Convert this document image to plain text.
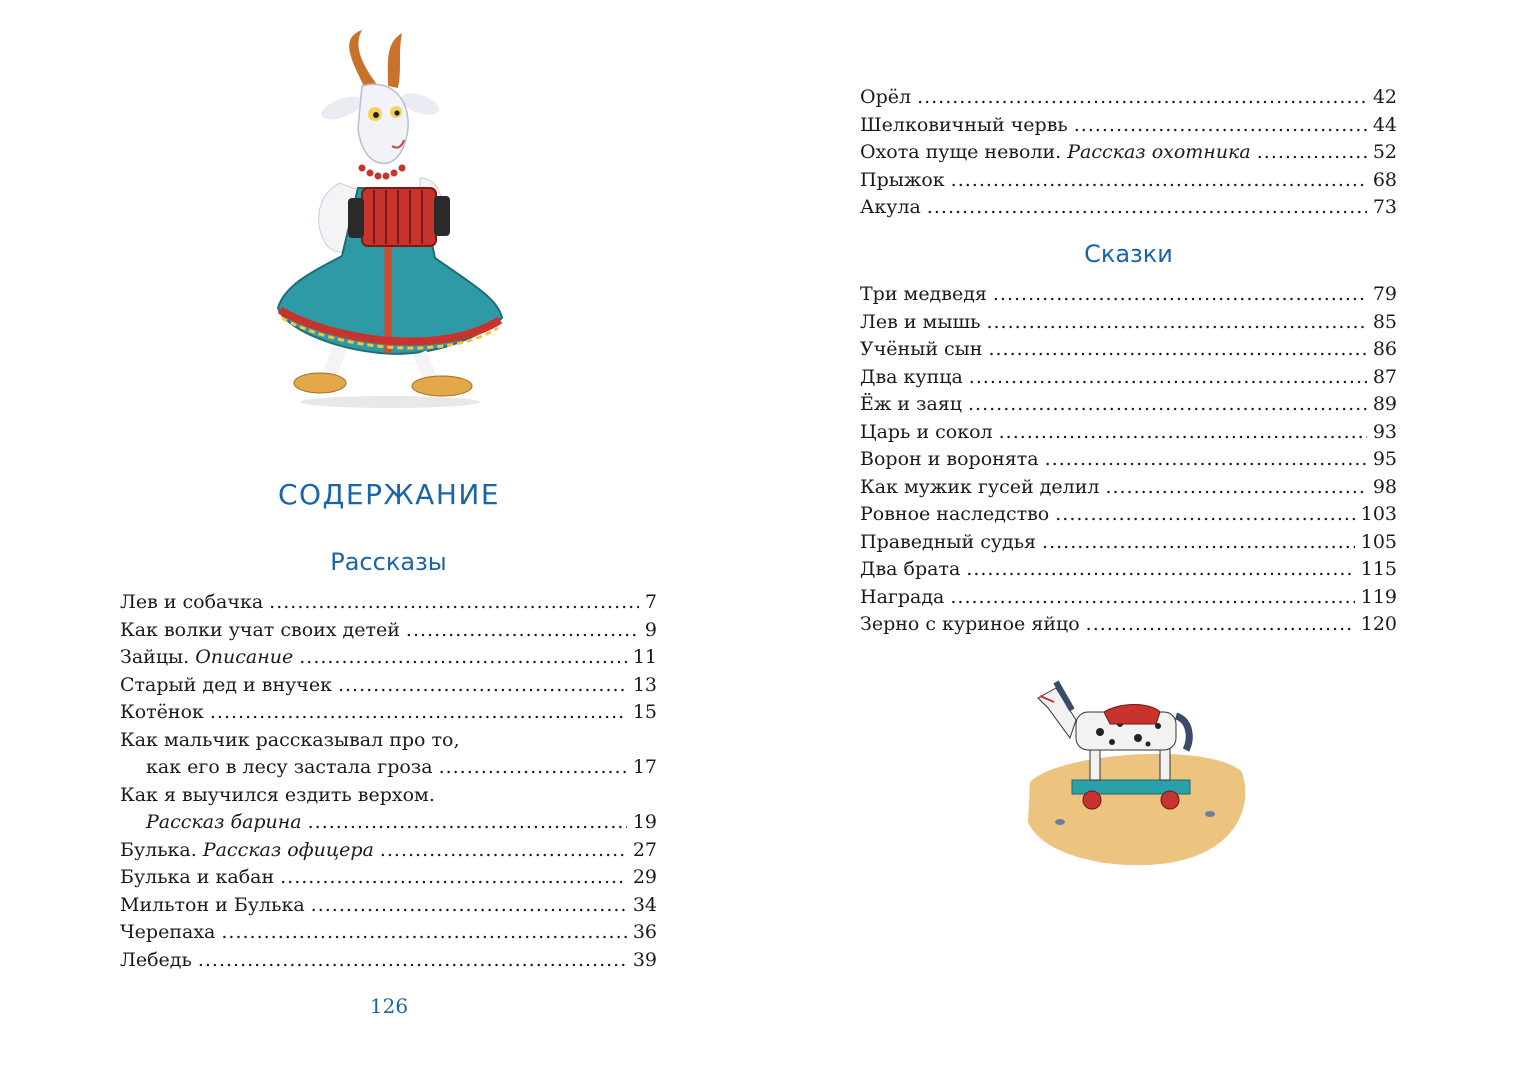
СОДЕРЖАНИЕ
Рассказы
Лев и собачка .....	7
Как волки учат своих детей .....	9
Зайцы. Описание .....	11
Старый дед и внучек .....	13
Котёнок .....	15
Как мальчик рассказывал про то,
как его в лесу застала гроза .....	17
Как я выучился ездить верхом.
Рассказ барина .....	19
Булька. Рассказ офицера .....	27
Булька и кабан .....	29
Мильтон и Булька .....	34
Черепаха .....	36
Лебедь .....	39
126
Орёл .....	42
Шелковичный червь .....	44
Охота пуще неволи. Рассказ охотника .....	52
Прыжок .....	68
Акула .....	73
Сказки
Три медведя .....	79
Лев и мышь .....	85
Учёный сын .....	86
Два купца .....	87
Ёж и заяц .....	89
Царь и сокол .....	93
Ворон и воронята .....	95
Как мужик гусей делил .....	98
Ровное наследство .....	103
Праведный судья .....	105
Два брата .....	115
Награда .....	119
Зерно с куриное яйцо .....	120
